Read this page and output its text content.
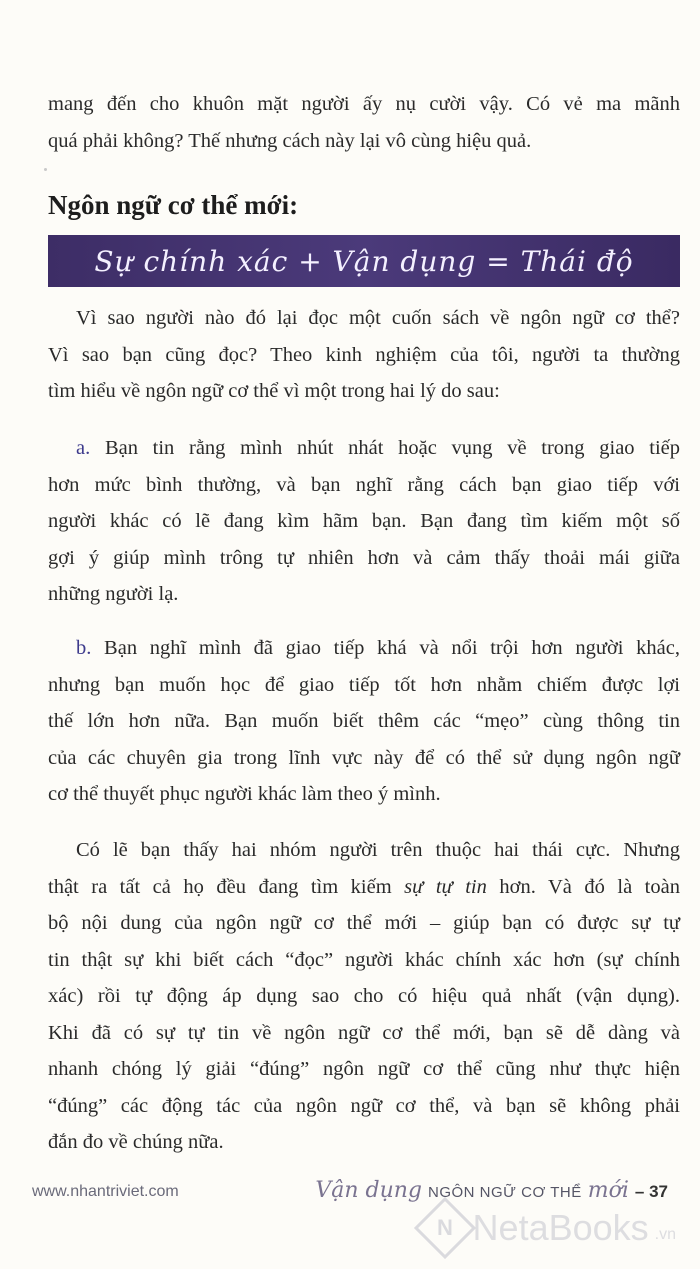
mang đến cho khuôn mặt người ấy nụ cười vậy. Có vẻ ma mãnh
quá phải không? Thế nhưng cách này lại vô cùng hiệu quả.

Ngôn ngữ cơ thể mới:
Sự chính xác + Vận dụng = Thái độ

Vì sao người nào đó lại đọc một cuốn sách về ngôn ngữ cơ thể?
Vì sao bạn cũng đọc? Theo kinh nghiệm của tôi, người ta thường
tìm hiểu về ngôn ngữ cơ thể vì một trong hai lý do sau:

a. Bạn tin rằng mình nhút nhát hoặc vụng về trong giao tiếp
hơn mức bình thường, và bạn nghĩ rằng cách bạn giao tiếp với
người khác có lẽ đang kìm hãm bạn. Bạn đang tìm kiếm một số
gợi ý giúp mình trông tự nhiên hơn và cảm thấy thoải mái giữa
những người lạ.

b. Bạn nghĩ mình đã giao tiếp khá và nổi trội hơn người khác,
nhưng bạn muốn học để giao tiếp tốt hơn nhằm chiếm được lợi
thế lớn hơn nữa. Bạn muốn biết thêm các “mẹo” cùng thông tin
của các chuyên gia trong lĩnh vực này để có thể sử dụng ngôn ngữ
cơ thể thuyết phục người khác làm theo ý mình.

Có lẽ bạn thấy hai nhóm người trên thuộc hai thái cực. Nhưng
thật ra tất cả họ đều đang tìm kiếm sự tự tin hơn. Và đó là toàn
bộ nội dung của ngôn ngữ cơ thể mới – giúp bạn có được sự tự
tin thật sự khi biết cách “đọc” người khác chính xác hơn (sự chính
xác) rồi tự động áp dụng sao cho có hiệu quả nhất (vận dụng).
Khi đã có sự tự tin về ngôn ngữ cơ thể mới, bạn sẽ dễ dàng và
nhanh chóng lý giải “đúng” ngôn ngữ cơ thể cũng như thực hiện
“đúng” các động tác của ngôn ngữ cơ thể, và bạn sẽ không phải
đắn đo về chúng nữa.

www.nhantriviet.com	Vận dụng NGÔN NGỮ CƠ THỂ mới – 37
N NetaBooks .vn
